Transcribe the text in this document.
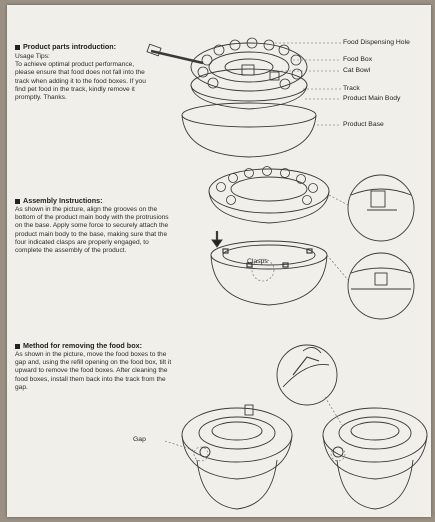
Product parts introduction:
Usage Tips:
To achieve optimal product performance, please ensure that food does not fall into the track when adding it to the food boxes. If you find pet food in the track, kindly remove it promptly. Thanks.
Food Dispensing Hole
Food Box
Cat Bowl
Track
Product Main Body
Product Base
Assembly Instructions:
As shown in the picture, align the grooves on the bottom of the product main body with the protrusions on the base. Apply some force to securely attach the product main body to the base, making sure that the four indicated clasps are properly engaged, to complete the assembly of the product.
Clasps
Method for removing the food box:
As shown in the picture, move the food boxes to the gap and, using the refill opening on the food box, tilt it upward to remove the food boxes. After cleaning the food boxes, install them back into the track from the gap.
Gap
